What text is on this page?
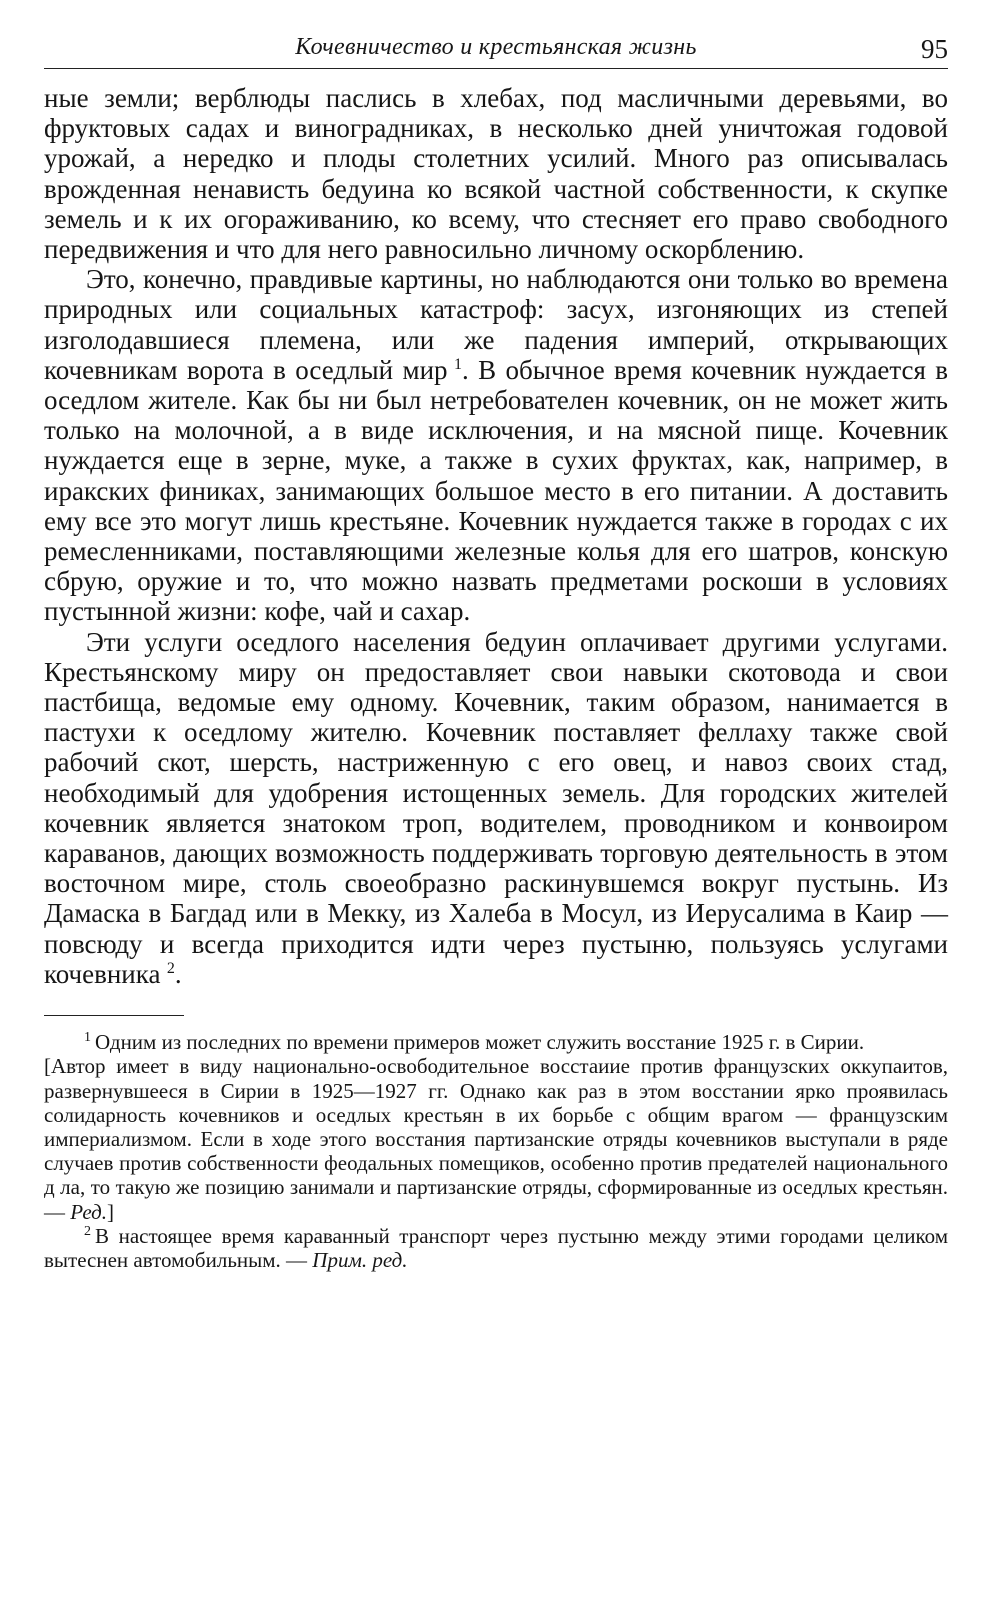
Кочевничество и крестьянская жизнь	95

ные земли; верблюды паслись в хлебах, под масличными деревьями, во фруктовых садах и виноградниках, в несколько дней уничтожая годовой урожай, а нередко и плоды столетних усилий. Много раз описывалась врожденная ненависть бедуина ко всякой частной собственности, к скупке земель и к их огораживанию, ко всему, что стесняет его право свободного передвижения и что для него равносильно личному оскорблению.

Это, конечно, правдивые картины, но наблюдаются они только во времена природных или социальных катастроф: засух, изгоняющих из степей изголодавшиеся племена, или же падения империй, открывающих кочевникам ворота в оседлый мир  $^1$. В обычное время кочевник нуждается в оседлом жителе. Как бы ни был нетребователен кочевник, он не может жить только на молочной, а в виде исключения, и на мясной пище. Кочевник нуждается еще в зерне, муке, а также в сухих фруктах, как, например, в иракских финиках, занимающих большое место в его питании. А доставить ему все это могут лишь крестьяне. Кочевник нуждается также в городах с их ремесленниками, поставляющими железные колья для его шатров, конскую сбрую, оружие и то, что можно назвать предметами роскоши в условиях пустынной жизни: кофе, чай и сахар.

Эти услуги оседлого населения бедуин оплачивает другими услугами. Крестьянскому миру он предоставляет свои навыки скотовода и свои пастбища, ведомые ему одному. Кочевник, таким образом, нанимается в пастухи к оседлому жителю. Кочевник поставляет феллаху также свой рабочий скот, шерсть, настриженную с его овец, и навоз своих стад, необходимый для удобрения истощенных земель. Для городских жителей кочевник является знатоком троп, водителем, проводником и конвоиром караванов, дающих возможность поддерживать торговую деятельность в этом восточном мире, столь своеобразно раскинувшемся вокруг пустынь. Из Дамаска в Багдад или в Мекку, из Халеба в Мосул, из Иерусалима в Каир — повсюду и всегда приходится идти через пустыню, пользуясь услугами кочевника  $^2$.

$^1$ Одним из последних по времени примеров может служить восстание 1925 г. в Сирии.

[Автор имеет в виду национально-освободительное восстаиие против французских оккупаитов, развернувшееся в Сирии в 1925—1927 гг. Однако как раз в этом восстании ярко проявилась солидарность кочевников и оседлых крестьян в их борьбе с общим врагом — французским империализмом. Если в ходе этого восстания партизанские отряды кочевников выступали в ряде случаев против собственности феодальных помещиков, особенно против предателей национального д ла, то такую же позицию занимали и партизанские отряды, сформированные из оседлых крестьян. — Ред.]

$^2$ В настоящее время караванный транспорт через пустыню между этими городами целиком вытеснен автомобильным. — Прим. ред.
